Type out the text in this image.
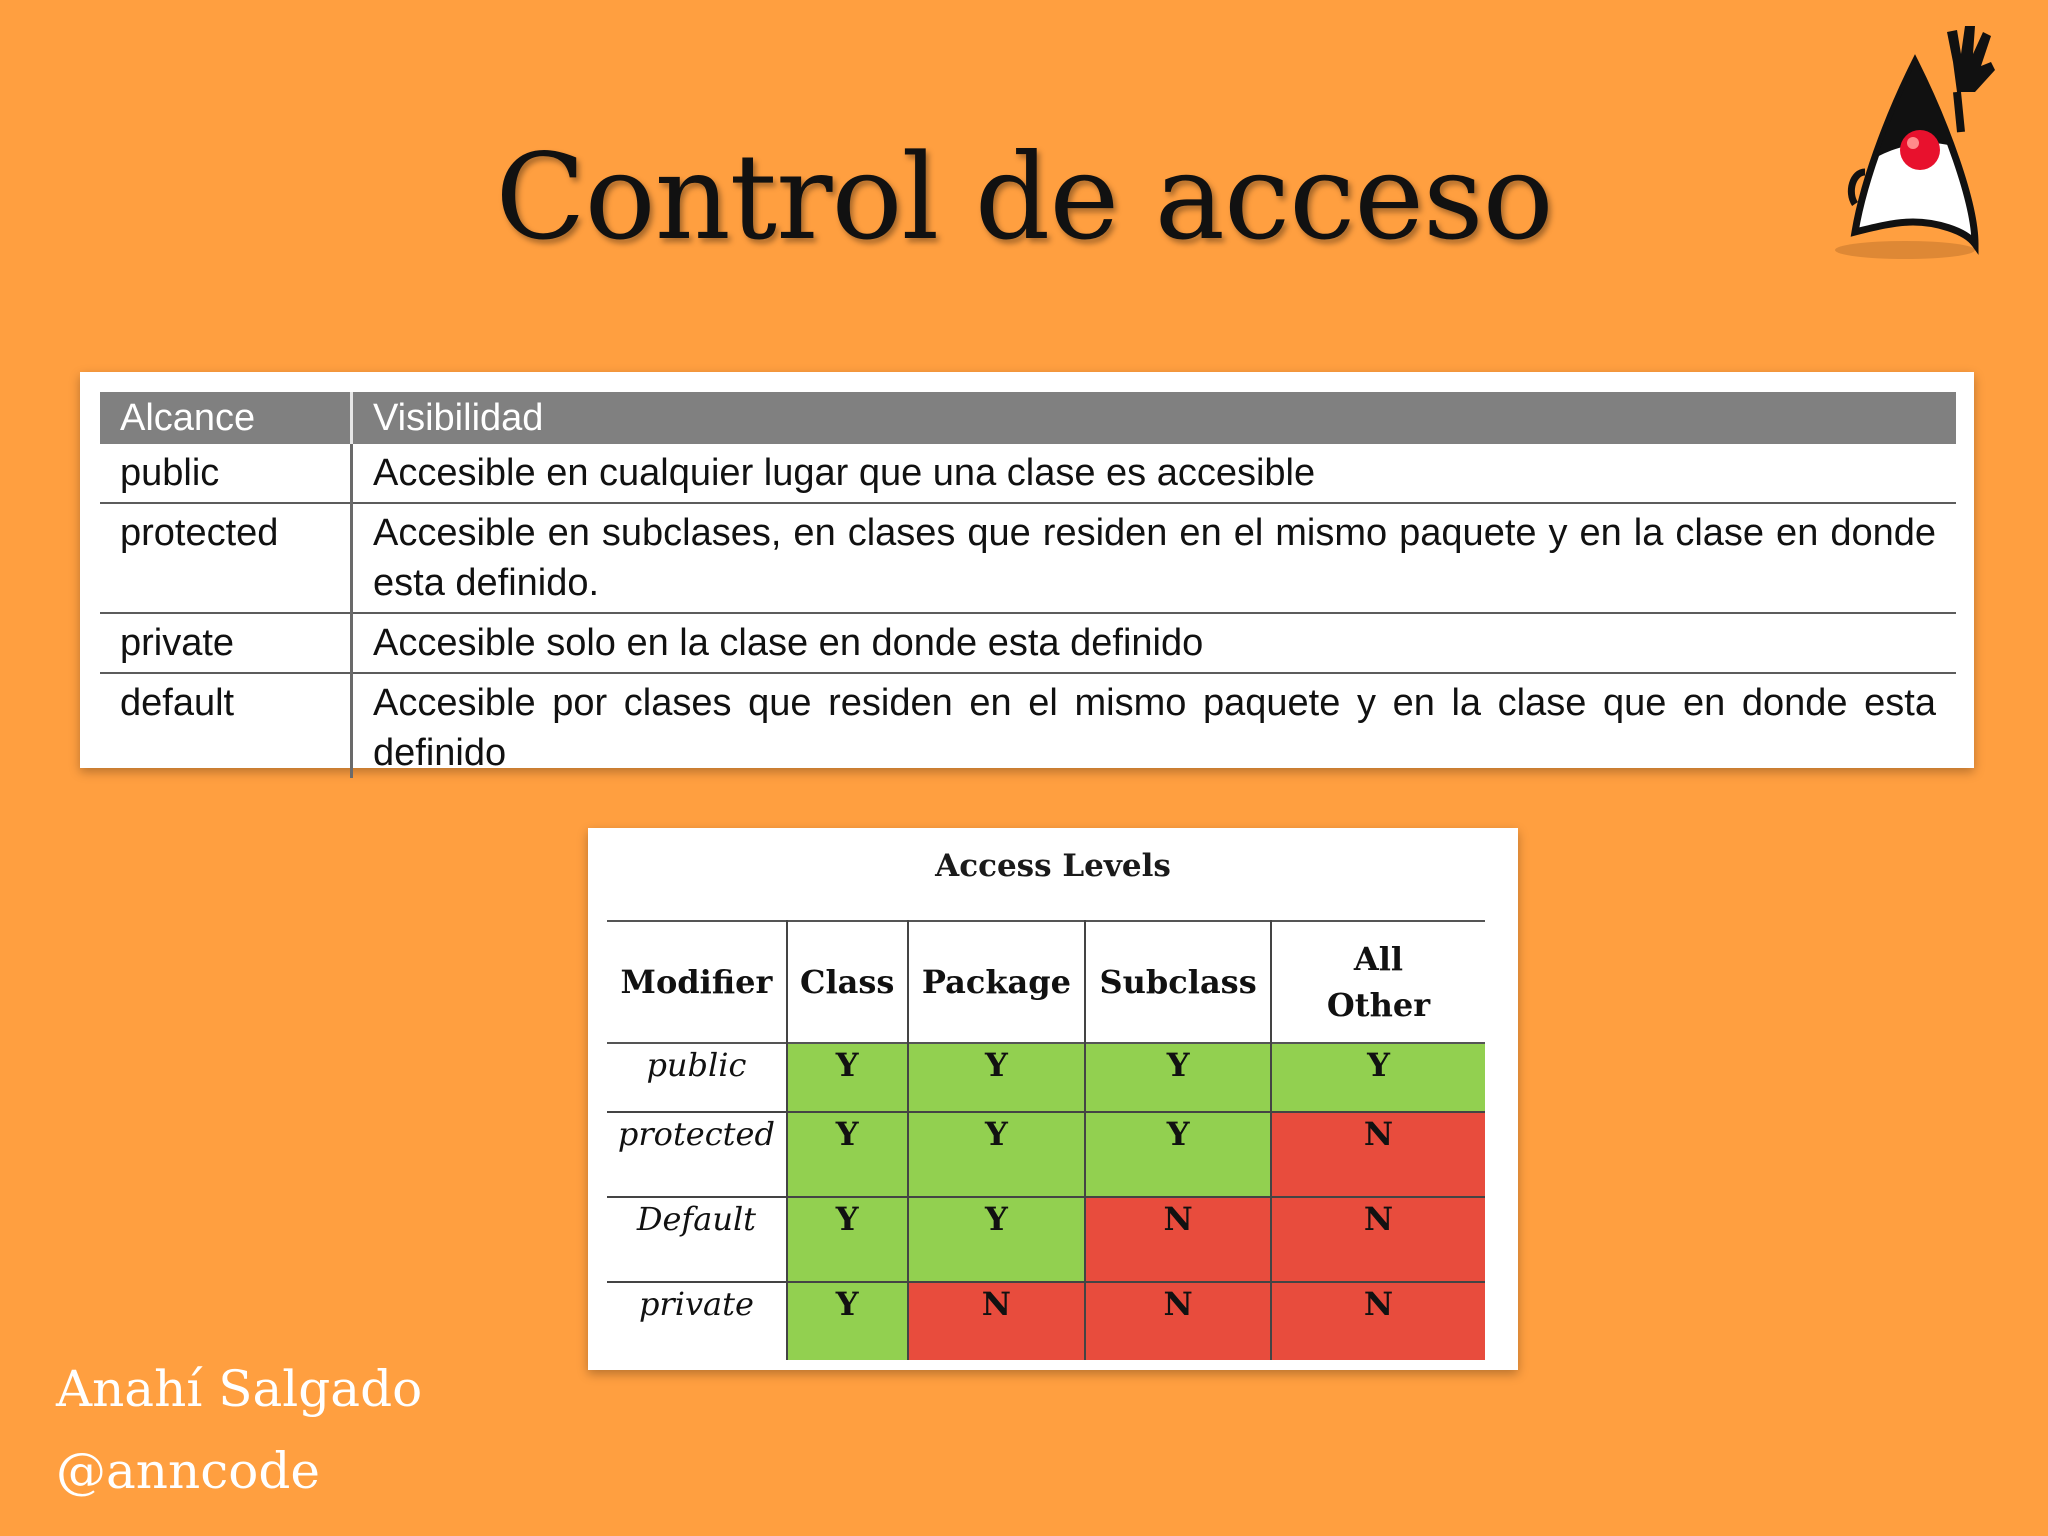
Control de acceso
Alcance	Visibilidad
public	Accesible en cualquier lugar que una clase es accesible
protected	Accesible en subclases, en clases que residen en el mismo paquete y en la clase en donde esta definido.
private	Accesible solo en la clase en donde esta definido
default	Accesible por clases que residen en el mismo paquete y en la clase que en donde esta definido
Access Levels
Modifier	Class	Package	Subclass	All
Other
public	Y	Y	Y	Y
protected	Y	Y	Y	N
Default	Y	Y	N	N
private	Y	N	N	N
Anahí Salgado
@anncode
